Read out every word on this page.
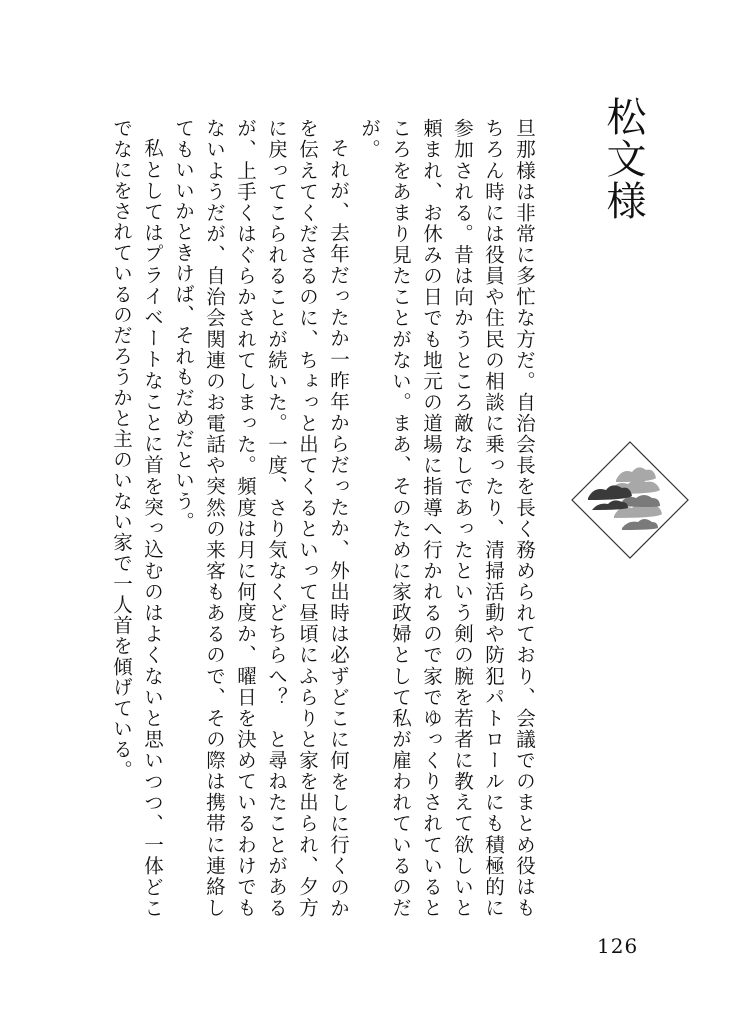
松文様

旦那様は非常に多忙な方だ。自治会長を長く務められており、会議でのまとめ役はもちろん時には役員や住民の相談に乗ったり、清掃活動や防犯パトロールにも積極的に参加される。昔は向かうところ敵なしであったという剣の腕を若者に教えて欲しいと頼まれ、お休みの日でも地元の道場に指導へ行かれるので家でゆっくりされているところをあまり見たことがない。まあ、そのために家政婦として私が雇われているのだが。

それが、去年だったか一昨年からだったか、外出時は必ずどこに何をしに行くのかを伝えてくださるのに、ちょっと出てくるといって昼頃にふらりと家を出られ、夕方に戻ってこられることが続いた。一度、さり気なくどちらへ？　と尋ねたことがあるが、上手くはぐらかされてしまった。頻度は月に何度か、曜日を決めているわけでもないようだが、自治会関連のお電話や突然の来客もあるので、その際は携帯に連絡してもいいかときけば、それもだめだという。

私としてはプライベートなことに首を突っ込むのはよくないと思いつつ、一体どこでなにをされているのだろうかと主のいない家で一人首を傾げている。

126
